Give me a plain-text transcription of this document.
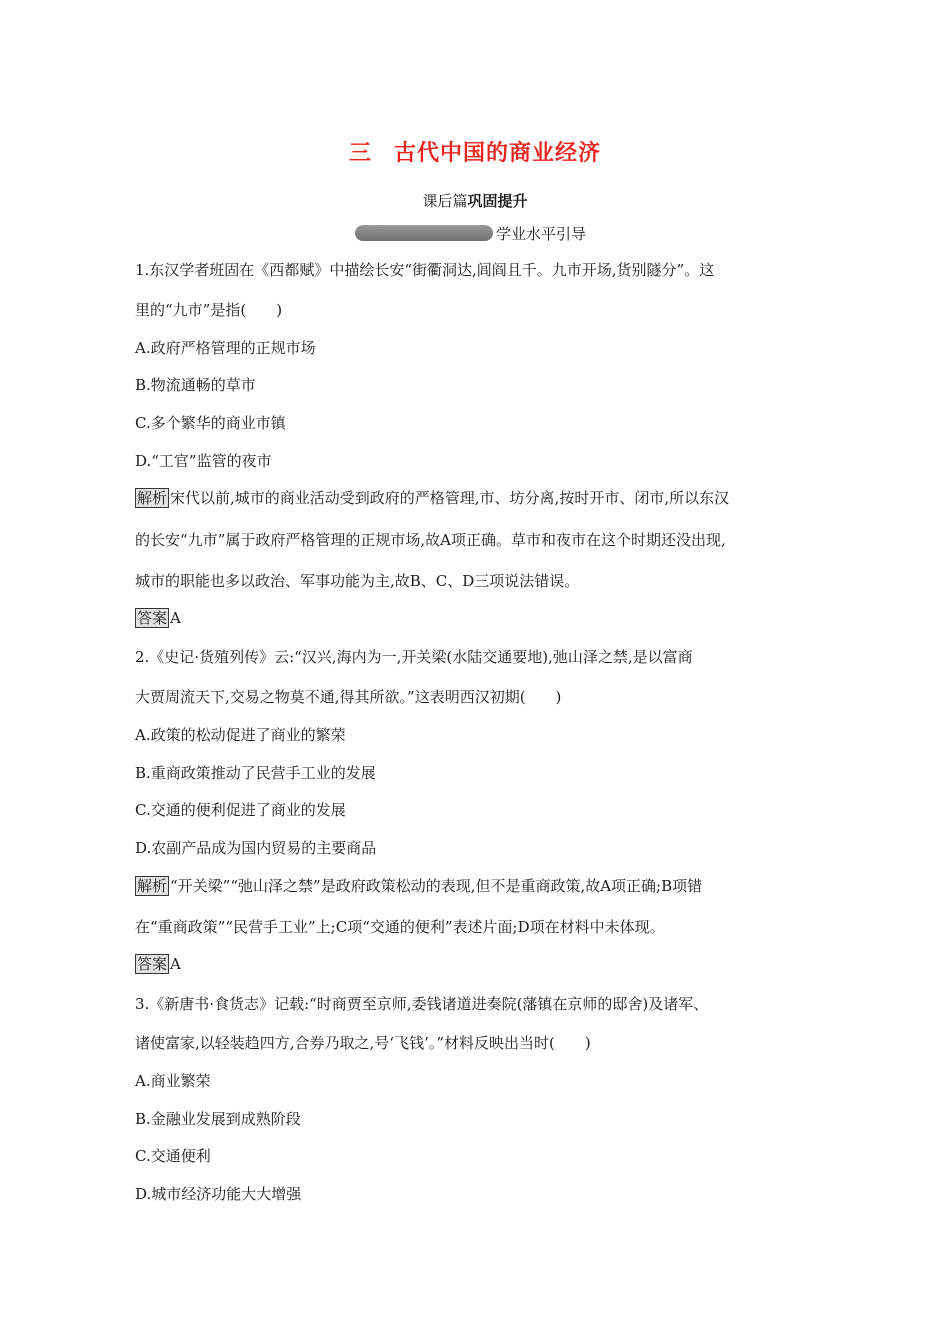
三 古代中国的商业经济
课后篇巩固提升
学业水平引导
1.东汉学者班固在《西都赋》中描绘长安“街衢洞达,闾阎且千。九市开场,货别隧分”。这
里的“九市”是指(　　)
A.政府严格管理的正规市场
B.物流通畅的草市
C.多个繁华的商业市镇
D.“工官”监管的夜市
解析 宋代以前,城市的商业活动受到政府的严格管理,市、坊分离,按时开市、闭市,所以东汉
的长安“九市”属于政府严格管理的正规市场,故A项正确。草市和夜市在这个时期还没出现,
城市的职能也多以政治、军事功能为主,故B、C、D三项说法错误。
答案 A
2.《史记·货殖列传》云:“汉兴,海内为一,开关梁(水陆交通要地),弛山泽之禁,是以富商
大贾周流天下,交易之物莫不通,得其所欲。”这表明西汉初期(　　)
A.政策的松动促进了商业的繁荣
B.重商政策推动了民营手工业的发展
C.交通的便利促进了商业的发展
D.农副产品成为国内贸易的主要商品
解析 “开关梁”“弛山泽之禁”是政府政策松动的表现,但不是重商政策,故A项正确;B项错
在“重商政策”“民营手工业”上;C项“交通的便利”表述片面;D项在材料中未体现。
答案 A
3.《新唐书·食货志》记载:“时商贾至京师,委钱诸道进奏院(藩镇在京师的邸舍)及诸军、
诸使富家,以轻装趋四方,合券乃取之,号‘飞钱’。”材料反映出当时(　　)
A.商业繁荣
B.金融业发展到成熟阶段
C.交通便利
D.城市经济功能大大增强
